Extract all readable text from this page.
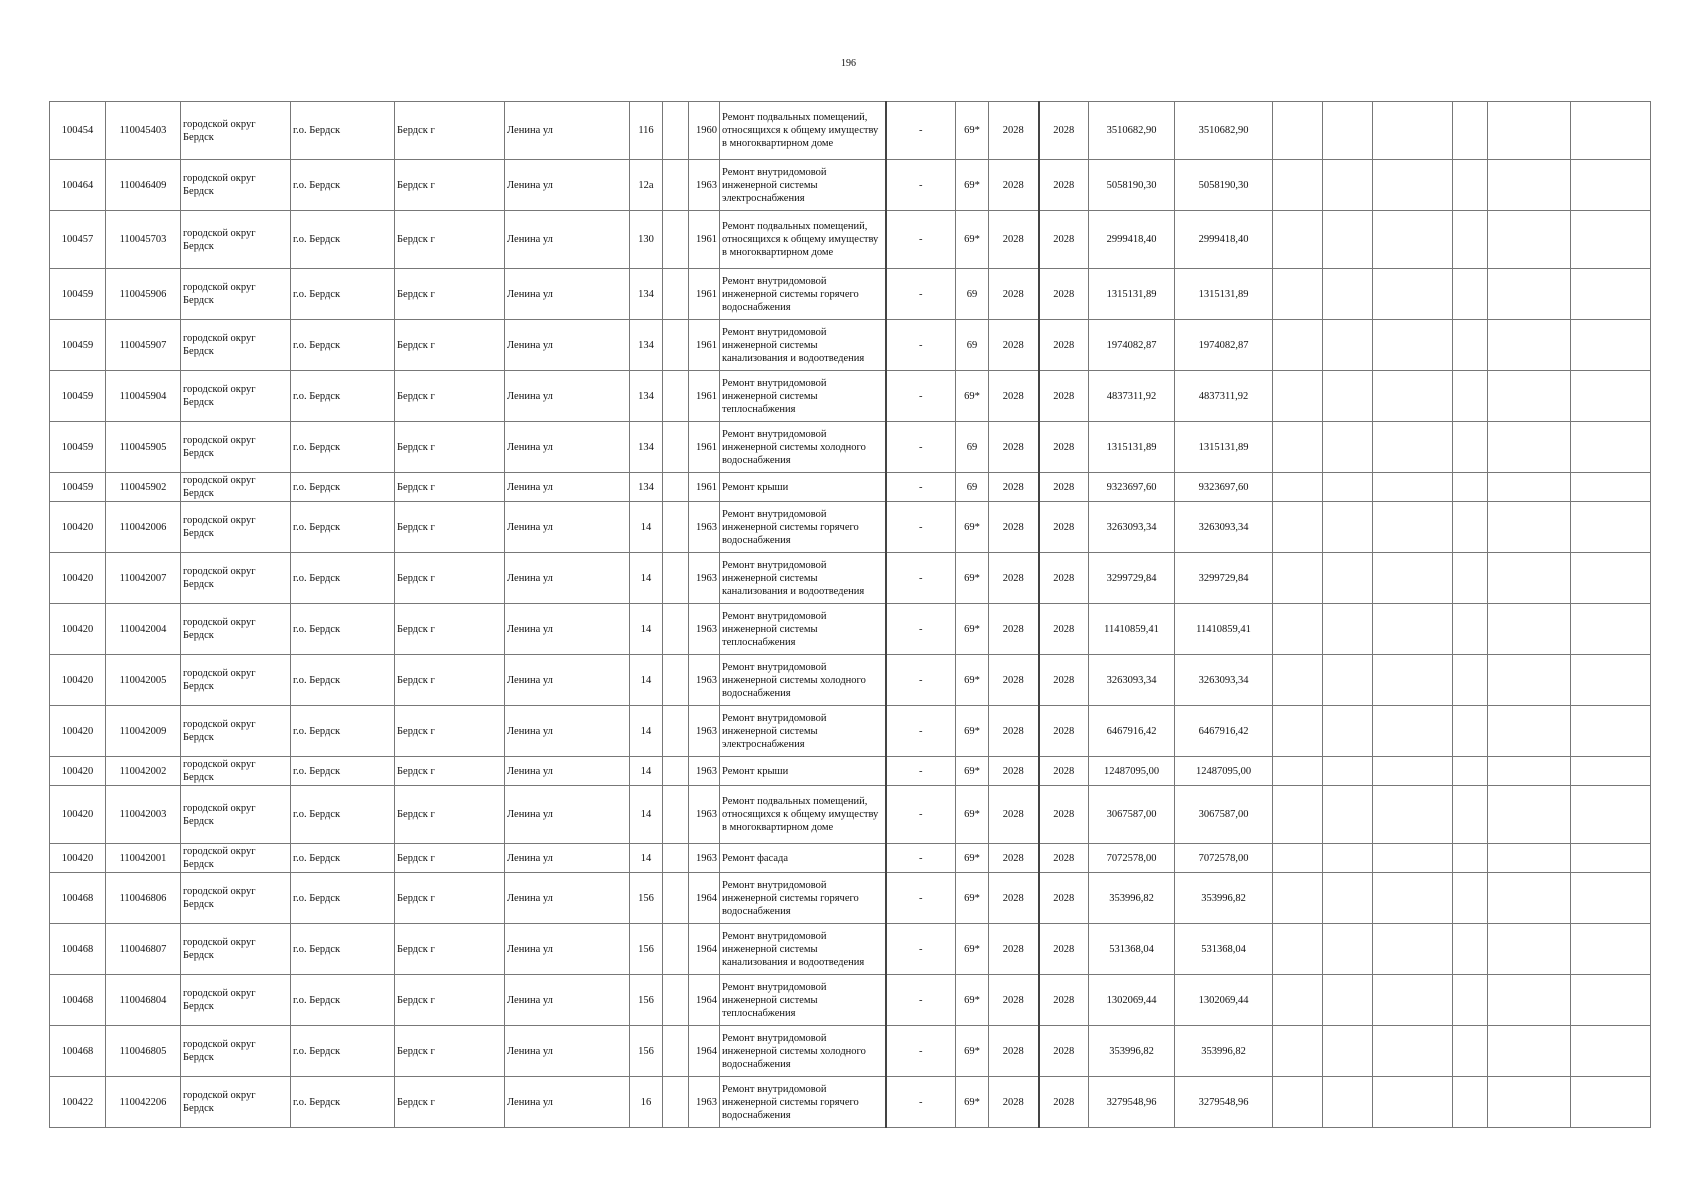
196
100454	110045403	городской округ Бердск	г.о. Бердск	Бердск г	Ленина ул	116		1960	Ремонт подвальных помещений, относящихся к общему имуществу в многоквартирном доме	-	69*	2028	2028	3510682,90	3510682,90						
100464	110046409	городской округ Бердск	г.о. Бердск	Бердск г	Ленина ул	12а		1963	Ремонт внутридомовой инженерной системы электроснабжения	-	69*	2028	2028	5058190,30	5058190,30						
100457	110045703	городской округ Бердск	г.о. Бердск	Бердск г	Ленина ул	130		1961	Ремонт подвальных помещений, относящихся к общему имуществу в многоквартирном доме	-	69*	2028	2028	2999418,40	2999418,40						
100459	110045906	городской округ Бердск	г.о. Бердск	Бердск г	Ленина ул	134		1961	Ремонт внутридомовой инженерной системы горячего водоснабжения	-	69	2028	2028	1315131,89	1315131,89						
100459	110045907	городской округ Бердск	г.о. Бердск	Бердск г	Ленина ул	134		1961	Ремонт внутридомовой инженерной системы канализования и водоотведения	-	69	2028	2028	1974082,87	1974082,87						
100459	110045904	городской округ Бердск	г.о. Бердск	Бердск г	Ленина ул	134		1961	Ремонт внутридомовой инженерной системы теплоснабжения	-	69*	2028	2028	4837311,92	4837311,92						
100459	110045905	городской округ Бердск	г.о. Бердск	Бердск г	Ленина ул	134		1961	Ремонт внутридомовой инженерной системы холодного водоснабжения	-	69	2028	2028	1315131,89	1315131,89						
100459	110045902	городской округ Бердск	г.о. Бердск	Бердск г	Ленина ул	134		1961	Ремонт крыши	-	69	2028	2028	9323697,60	9323697,60						
100420	110042006	городской округ Бердск	г.о. Бердск	Бердск г	Ленина ул	14		1963	Ремонт внутридомовой инженерной системы горячего водоснабжения	-	69*	2028	2028	3263093,34	3263093,34						
100420	110042007	городской округ Бердск	г.о. Бердск	Бердск г	Ленина ул	14		1963	Ремонт внутридомовой инженерной системы канализования и водоотведения	-	69*	2028	2028	3299729,84	3299729,84						
100420	110042004	городской округ Бердск	г.о. Бердск	Бердск г	Ленина ул	14		1963	Ремонт внутридомовой инженерной системы теплоснабжения	-	69*	2028	2028	11410859,41	11410859,41						
100420	110042005	городской округ Бердск	г.о. Бердск	Бердск г	Ленина ул	14		1963	Ремонт внутридомовой инженерной системы холодного водоснабжения	-	69*	2028	2028	3263093,34	3263093,34						
100420	110042009	городской округ Бердск	г.о. Бердск	Бердск г	Ленина ул	14		1963	Ремонт внутридомовой инженерной системы электроснабжения	-	69*	2028	2028	6467916,42	6467916,42						
100420	110042002	городской округ Бердск	г.о. Бердск	Бердск г	Ленина ул	14		1963	Ремонт крыши	-	69*	2028	2028	12487095,00	12487095,00						
100420	110042003	городской округ Бердск	г.о. Бердск	Бердск г	Ленина ул	14		1963	Ремонт подвальных помещений, относящихся к общему имуществу в многоквартирном доме	-	69*	2028	2028	3067587,00	3067587,00						
100420	110042001	городской округ Бердск	г.о. Бердск	Бердск г	Ленина ул	14		1963	Ремонт фасада	-	69*	2028	2028	7072578,00	7072578,00						
100468	110046806	городской округ Бердск	г.о. Бердск	Бердск г	Ленина ул	156		1964	Ремонт внутридомовой инженерной системы горячего водоснабжения	-	69*	2028	2028	353996,82	353996,82						
100468	110046807	городской округ Бердск	г.о. Бердск	Бердск г	Ленина ул	156		1964	Ремонт внутридомовой инженерной системы канализования и водоотведения	-	69*	2028	2028	531368,04	531368,04						
100468	110046804	городской округ Бердск	г.о. Бердск	Бердск г	Ленина ул	156		1964	Ремонт внутридомовой инженерной системы теплоснабжения	-	69*	2028	2028	1302069,44	1302069,44						
100468	110046805	городской округ Бердск	г.о. Бердск	Бердск г	Ленина ул	156		1964	Ремонт внутридомовой инженерной системы холодного водоснабжения	-	69*	2028	2028	353996,82	353996,82						
100422	110042206	городской округ Бердск	г.о. Бердск	Бердск г	Ленина ул	16		1963	Ремонт внутридомовой инженерной системы горячего водоснабжения	-	69*	2028	2028	3279548,96	3279548,96						
